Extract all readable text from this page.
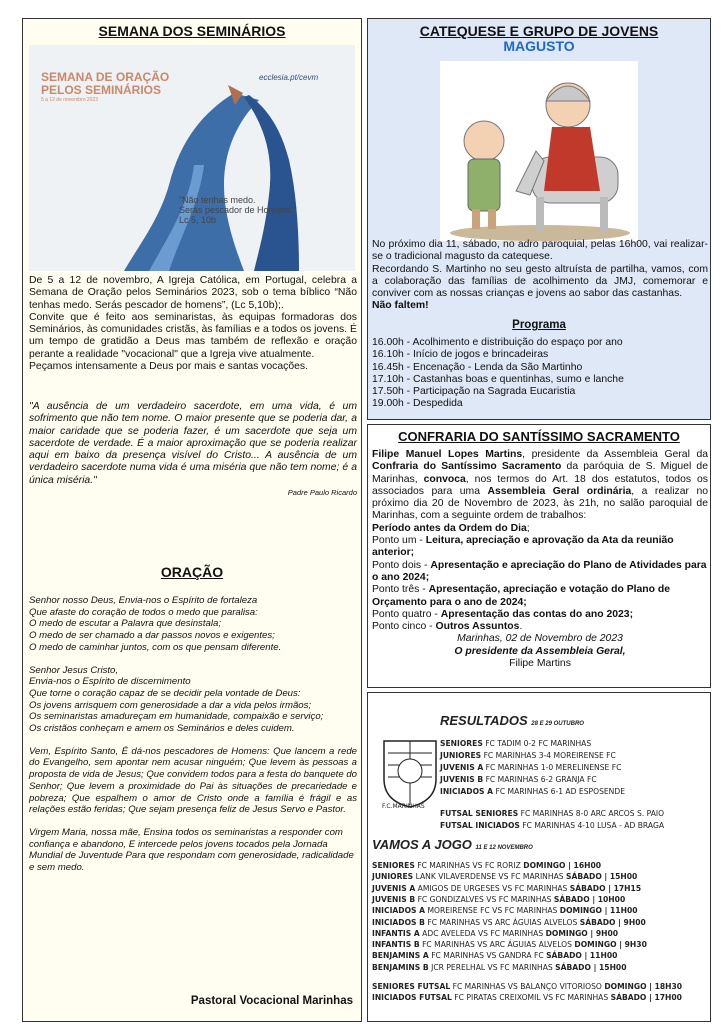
SEMANA DOS SEMINÁRIOS

SEMANA DE ORAÇÃO
PELOS SEMINÁRIOS
5 a 12 de novembro 2023
ecclesia.pt/cevm
“Não tenhas medo.
Serás pescador de Homens.”
Lc 5, 10b

De 5 a 12 de novembro, A Igreja Católica, em Portugal, celebra a Semana de Oração pelos Seminários 2023, sob o tema bíblico “Não tenhas medo. Serás pescador de homens”, (Lc 5,10b);.

Convite que é feito aos seminaristas, às equipas formadoras dos Seminários, às comunidades cristãs, às famílias e a todos os jovens. É um tempo de gratidão a Deus mas também de reflexão e oração perante a realidade "vocacional" que a Igreja vive atualmente.

Peçamos intensamente a Deus por mais e santas vocações.

"A ausência de um verdadeiro sacerdote, em uma vida, é um sofrimento que não tem nome. O maior presente que se poderia dar, a maior caridade que se poderia fazer, é um sacerdote que seja um sacerdote de verdade. É a maior aproximação que se poderia realizar aqui em baixo da presença visível do Cristo... A ausência de um verdadeiro sacerdote numa vida é uma miséria que não tem nome; é a única miséria."
Padre Paulo Ricardo

ORAÇÃO

Senhor nosso Deus, Envia-nos o Espírito de fortaleza

Que afaste do coração de todos o medo que paralisa:

O medo de escutar a Palavra que desinstala;

O medo de ser chamado a dar passos novos e exigentes;

O medo de caminhar juntos, com os que pensam diferente.

Senhor Jesus Cristo,

Envia-nos o Espírito de discernimento

Que torne o coração capaz de se decidir pela vontade de Deus:

Os jovens arrisquem com generosidade a dar a vida pelos irmãos;

Os seminaristas amadureçam em humanidade, compaixão e serviço;

Os cristãos conheçam e amem os Seminários e deles cuidem.

Vem, Espírito Santo, É dá-nos pescadores de Homens: Que lancem a rede do Evangelho, sem apontar nem acusar ninguém; Que levem às pessoas a proposta de vida de Jesus; Que convidem todos para a festa do banquete do Senhor; Que levem a proximidade do Pai às situações de precariedade e pobreza; Que espalhem o amor de Cristo onde a família é frágil e as relações estão feridas; Que sejam presença feliz de Jesus Servo e Pastor.

Virgem Maria, nossa mãe, Ensina todos os seminaristas a responder com confiança e abandono, E intercede pelos jovens tocados pela Jornada Mundial de Juventude Para que respondam com generosidade, radicalidade e sem medo.

Pastoral Vocacional Marinhas

CATEQUESE E GRUPO DE JOVENS

MAGUSTO

No próximo dia 11, sábado, no adro paroquial, pelas 16h00, vai realizar-se o tradicional magusto da catequese.

Recordando S. Martinho no seu gesto altruísta de partilha, vamos, com a colaboração das famílias de acolhimento da JMJ, comemorar e conviver com as nossas crianças e jovens ao sabor das castanhas.

Não faltem!

Programa

16.00h - Acolhimento e distribuição do espaço por ano

16.10h - Início de jogos e brincadeiras

16.45h - Encenação - Lenda da São Martinho

17.10h - Castanhas boas e quentinhas, sumo e lanche

17.50h - Participação na Sagrada Eucaristia

19.00h - Despedida

CONFRARIA DO SANTÍSSIMO SACRAMENTO

Filipe Manuel Lopes Martins, presidente da Assembleia Geral da Confraria do Santíssimo Sacramento da paróquia de S. Miguel de Marinhas, convoca, nos termos do Art. 18 dos estatutos, todos os associados para uma Assembleia Geral ordinária, a realizar no próximo dia 20 de Novembro de 2023, às 21h, no salão paroquial de Marinhas, com a seguinte ordem de trabalhos:

Período antes da Ordem do Dia;

Ponto um - Leitura, apreciação e aprovação da Ata da reunião anterior;

Ponto dois - Apresentação e apreciação do Plano de Atividades para o ano 2024;

Ponto três - Apresentação, apreciação e votação do Plano de Orçamento para o ano de 2024;

Ponto quatro - Apresentação das contas do ano 2023;

Ponto cinco - Outros Assuntos.

Marinhas, 02 de Novembro de 2023

O presidente da Assembleia Geral,

Filipe Martins

RESULTADOS 28 E 29 OUTUBRO
F.C.MARINHAS
SENIORES FC TADIM 0-2 FC MARINHAS
JUNIORES FC MARINHAS 3-4 MOREIRENSE FC
JUVENIS A FC MARINHAS 1-0 MERELINENSE FC
JUVENIS B FC MARINHAS 6-2 GRANJA FC
INICIADOS A FC MARINHAS 6-1 AD ESPOSENDE
FUTSAL SENIORES FC MARINHAS 8-0 ARC ARCOS S. PAIO
FUTSAL INICIADOS FC MARINHAS 4-10 LUSA - AD BRAGA
VAMOS A JOGO 11 E 12 NOVEMBRO
SENIORES FC MARINHAS VS FC RORIZ DOMINGO | 16H00
JUNIORES LANK VILAVERDENSE VS FC MARINHAS SÁBADO | 15H00
JUVENIS A AMIGOS DE URGESES VS FC MARINHAS SÁBADO | 17H15
JUVENIS B FC GONDIZALVES VS FC MARINHAS SÁBADO | 10H00
INICIADOS A MOREIRENSE FC VS FC MARINHAS DOMINGO | 11H00
INICIADOS B FC MARINHAS VS ARC ÁGUIAS ALVELOS SÁBADO | 9H00
INFANTIS A ADC AVELEDA VS FC MARINHAS DOMINGO | 9H00
INFANTIS B FC MARINHAS VS ARC ÁGUIAS ALVELOS DOMINGO | 9H30
BENJAMINS A FC MARINHAS VS GANDRA FC SÁBADO | 11H00
BENJAMINS B JCR PERELHAL VS FC MARINHAS SÁBADO | 15H00
SENIORES FUTSAL FC MARINHAS VS BALANÇO VITORIOSO DOMINGO | 18H30
INICIADOS FUTSAL FC PIRATAS CREIXOMIL VS FC MARINHAS SÁBADO | 17H00
